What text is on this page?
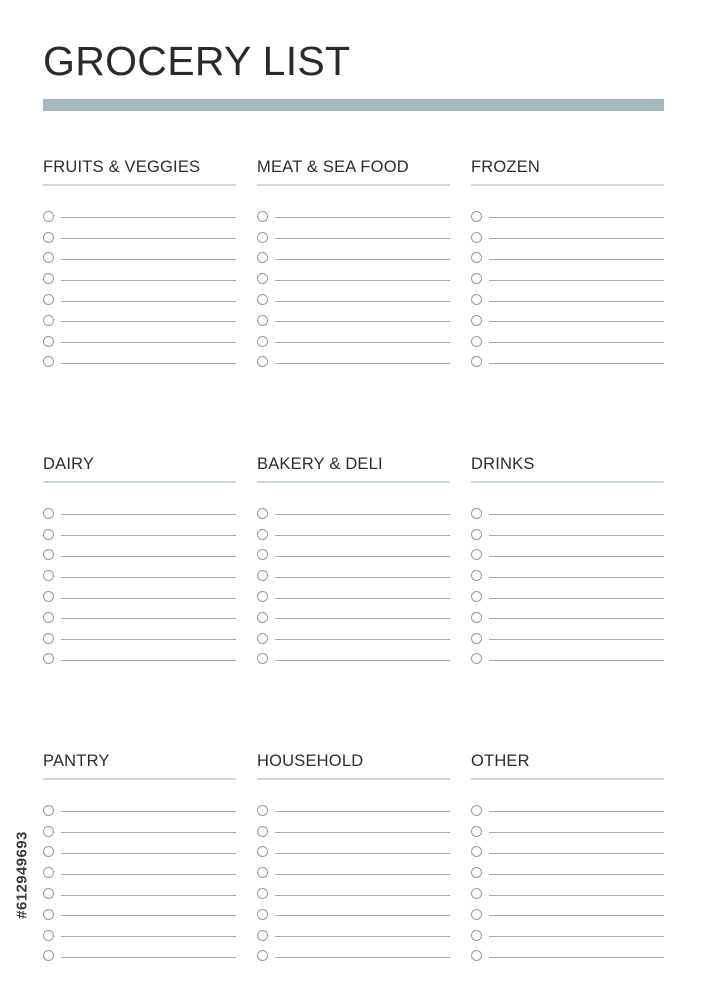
GROCERY LIST
FRUITS & VEGGIES	MEAT & SEA FOOD	FROZEN
DAIRY	BAKERY & DELI	DRINKS
PANTRY	HOUSEHOLD	OTHER
#612949693
